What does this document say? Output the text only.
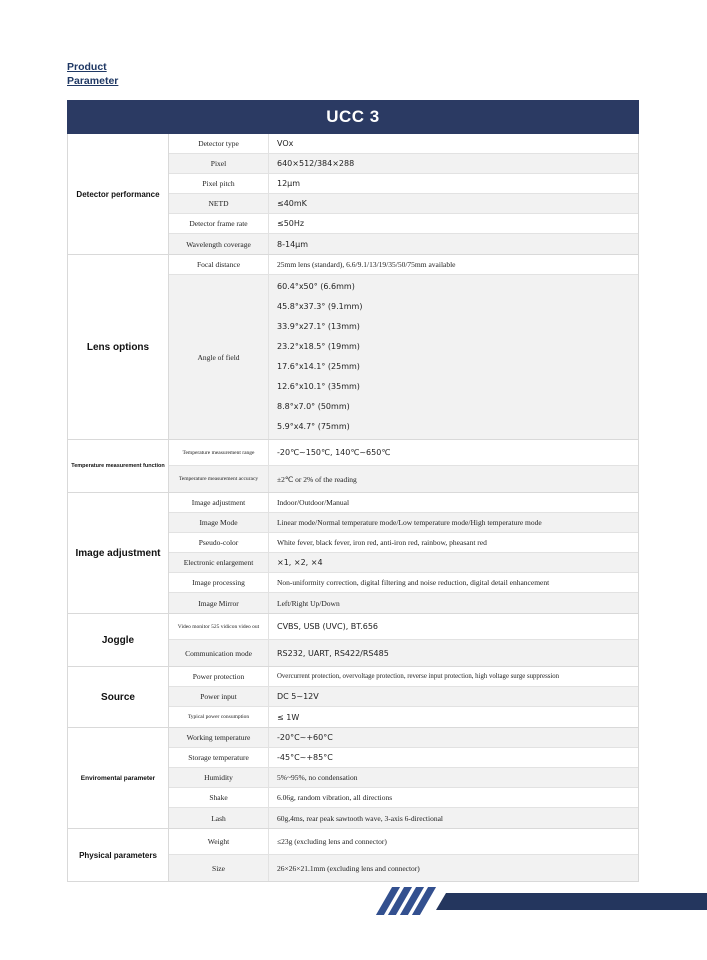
Product
Parameter
UCC 3
Detector performance
Detector type	VOx
Pixel	640×512/384×288
Pixel pitch	12μm
NETD	≤40mK
Detector frame rate	≤50Hz
Wavelength coverage	8-14μm
Lens options
Focal distance	25mm lens (standard), 6.6/9.1/13/19/35/50/75mm available
Angle of field
60.4°x50° (6.6mm)
45.8°x37.3° (9.1mm)
33.9°x27.1° (13mm)
23.2°x18.5° (19mm)
17.6°x14.1° (25mm)
12.6°x10.1° (35mm)
8.8°x7.0° (50mm)
5.9°x4.7° (75mm)
Temperature measurement function
Temperature measurement range	-20℃~150℃, 140℃~650℃
Temperature measurement accuracy	±2℃ or 2% of the reading
Image adjustment
Image adjustment	Indoor/Outdoor/Manual
Image Mode	Linear mode/Normal temperature mode/Low temperature mode/High temperature mode
Pseudo-color	White fever, black fever, iron red, anti-iron red, rainbow, pheasant red
Electronic enlargement	×1, ×2, ×4
Image processing	Non-uniformity correction, digital filtering and noise reduction, digital detail enhancement
Image Mirror	Left/Right Up/Down
Joggle
Video monitor 525 vidicon video out	CVBS, USB (UVC), BT.656
Communication mode	RS232, UART, RS422/RS485
Source
Power protection	Overcurrent protection, overvoltage protection, reverse input protection, high voltage surge suppression
Power input	DC 5~12V
Typical power consumption	≤ 1W
Enviromental parameter
Working temperature	-20°C~+60°C
Storage temperature	-45°C~+85°C
Humidity	5%~95%, no condensation
Shake	6.06g, random vibration, all directions
Lash	60g,4ms, rear peak sawtooth wave, 3-axis 6-directional
Physical parameters
Weight	≤23g (excluding lens and connector)
Size	26×26×21.1mm (excluding lens and connector)
